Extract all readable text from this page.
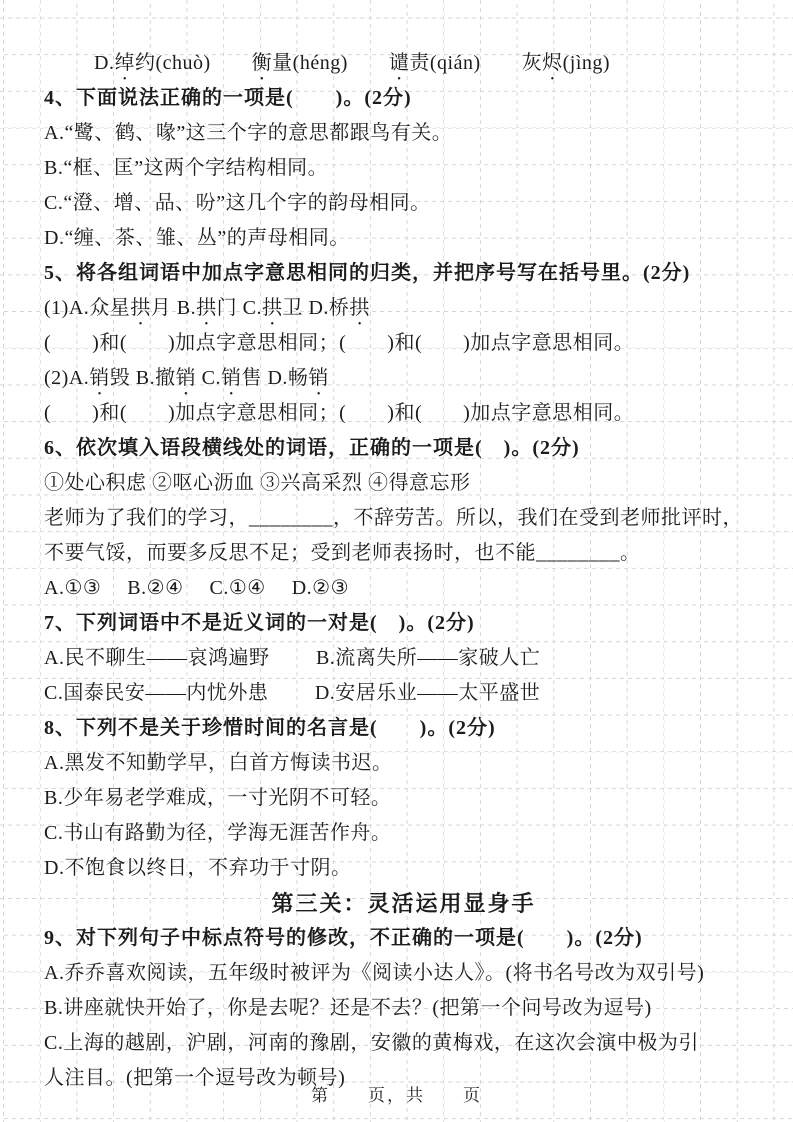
D.绰约(chuò)　　衡量(héng)　　谴责(qián)　　灰烬(jìng)
4、下面说法正确的一项是(　　)。(2分)
A.“鹭、鹤、喙”这三个字的意思都跟鸟有关。
B.“框、匡”这两个字结构相同。
C.“澄、增、品、吩”这几个字的韵母相同。
D.“缠、茶、雏、丛”的声母相同。
5、将各组词语中加点字意思相同的归类，并把序号写在括号里。(2分)
(1)A.众星拱月 B.拱门 C.拱卫 D.桥拱
(　　)和(　　)加点字意思相同；(　　)和(　　)加点字意思相同。
(2)A.销毁 B.撤销 C.销售 D.畅销
(　　)和(　　)加点字意思相同；(　　)和(　　)加点字意思相同。
6、依次填入语段横线处的词语，正确的一项是(　)。(2分)
①处心积虑 ②呕心沥血 ③兴高采烈 ④得意忘形
老师为了我们的学习，________，不辞劳苦。所以，我们在受到老师批评时，
不要气馁，而要多反思不足；受到老师表扬时，也不能________。
A.①③　 B.②④　 C.①④　 D.②③
7、下列词语中不是近义词的一对是(　)。(2分)
A.民不聊生——哀鸿遍野　　 B.流离失所——家破人亡
C.国泰民安——内忧外患　　 D.安居乐业——太平盛世
8、下列不是关于珍惜时间的名言是(　　)。(2分)
A.黑发不知勤学早，白首方悔读书迟。
B.少年易老学难成，一寸光阴不可轻。
C.书山有路勤为径，学海无涯苦作舟。
D.不饱食以终日，不弃功于寸阴。
第三关：灵活运用显身手
9、对下列句子中标点符号的修改，不正确的一项是(　　)。(2分)
A.乔乔喜欢阅读，五年级时被评为《阅读小达人》。(将书名号改为双引号)
B.讲座就快开始了，你是去呢？还是不去？(把第一个问号改为逗号)
C.上海的越剧，沪剧，河南的豫剧，安徽的黄梅戏，在这次会演中极为引
人注目。(把第一个逗号改为顿号)
第　　页，共　　页
